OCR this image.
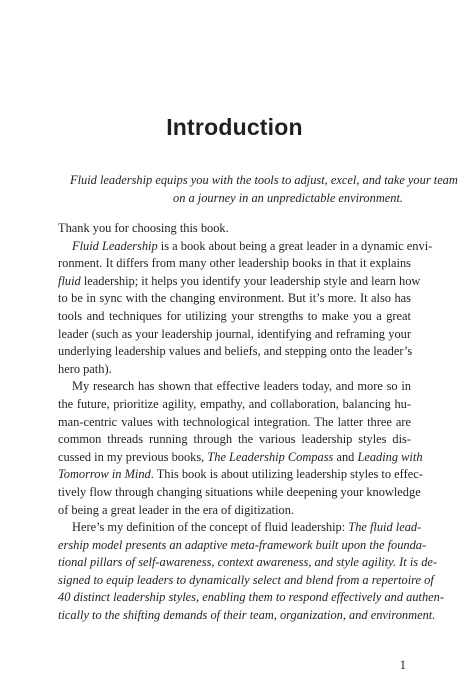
Introduction
Fluid leadership equips you with the tools to adjust, excel, and take your team
on a journey in an unpredictable environment.

Thank you for choosing this book.

Fluid Leadership is a book about being a great leader in a dynamic envi-
ronment. It differs from many other leadership books in that it explains
fluid leadership; it helps you identify your leadership style and learn how
to be in sync with the changing environment. But it’s more. It also has
tools and techniques for utilizing your strengths to make you a great
leader (such as your leadership journal, identifying and reframing your
underlying leadership values and beliefs, and stepping onto the leader’s
hero path).

My research has shown that effective leaders today, and more so in
the future, prioritize agility, empathy, and collaboration, balancing hu-
man-centric values with technological integration. The latter three are
common threads running through the various leadership styles dis-
cussed in my previous books, The Leadership Compass and Leading with
Tomorrow in Mind. This book is about utilizing leadership styles to effec-
tively flow through changing situations while deepening your knowledge
of being a great leader in the era of digitization.

Here’s my definition of the concept of fluid leadership: The fluid lead-
ership model presents an adaptive meta-framework built upon the founda-
tional pillars of self-awareness, context awareness, and style agility. It is de-
signed to equip leaders to dynamically select and blend from a repertoire of
40 distinct leadership styles, enabling them to respond effectively and authen-
tically to the shifting demands of their team, organization, and environment.

1
